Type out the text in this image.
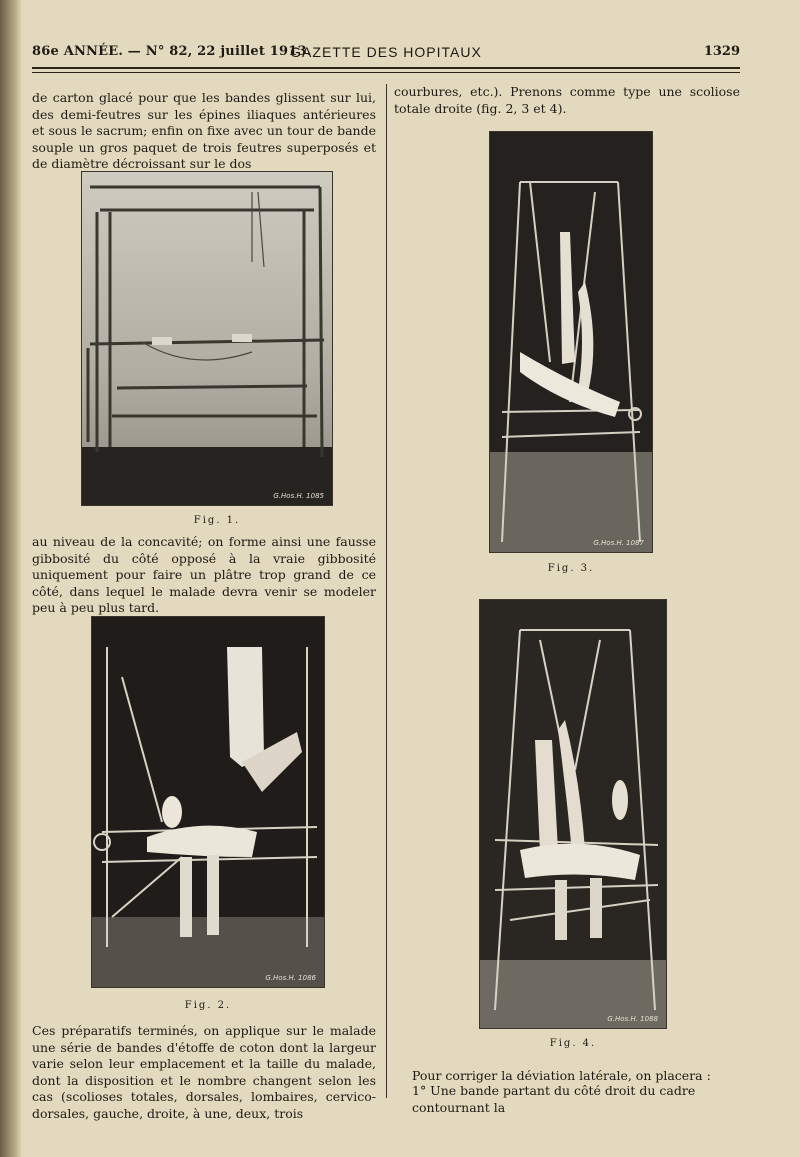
86e ANNÉE. — N° 82, 22 juillet 1913.
GAZETTE DES HOPITAUX	1329

de carton glacé pour que les bandes glissent sur lui, des demi-feutres sur les épines iliaques antérieures et sous le sacrum; enfin on fixe avec un tour de bande souple un gros paquet de trois feutres superposés et de diamètre décroissant sur le dos

G.Hos.H. 1085
Fig. 1.

au niveau de la concavité; on forme ainsi une fausse gibbosité du côté opposé à la vraie gibbosité uniquement pour faire un plâtre trop grand de ce côté, dans lequel le malade devra venir se modeler peu à peu plus tard.

G.Hos.H. 1086
Fig. 2.

Ces préparatifs terminés, on applique sur le malade une série de bandes d'étoffe de coton dont la largeur varie selon leur emplacement et la taille du malade, dont la disposition et le nombre changent selon les cas (scolioses totales, dorsales, lombaires, cervico-dorsales, gauche, droite, à une, deux, trois

courbures, etc.). Prenons comme type une scoliose totale droite (fig. 2, 3 et 4).

G.Hos.H. 1087
Fig. 3.
G.Hos.H. 1088
Fig. 4.

Pour corriger la déviation latérale, on placera :

1° Une bande partant du côté droit du cadre contournant la
